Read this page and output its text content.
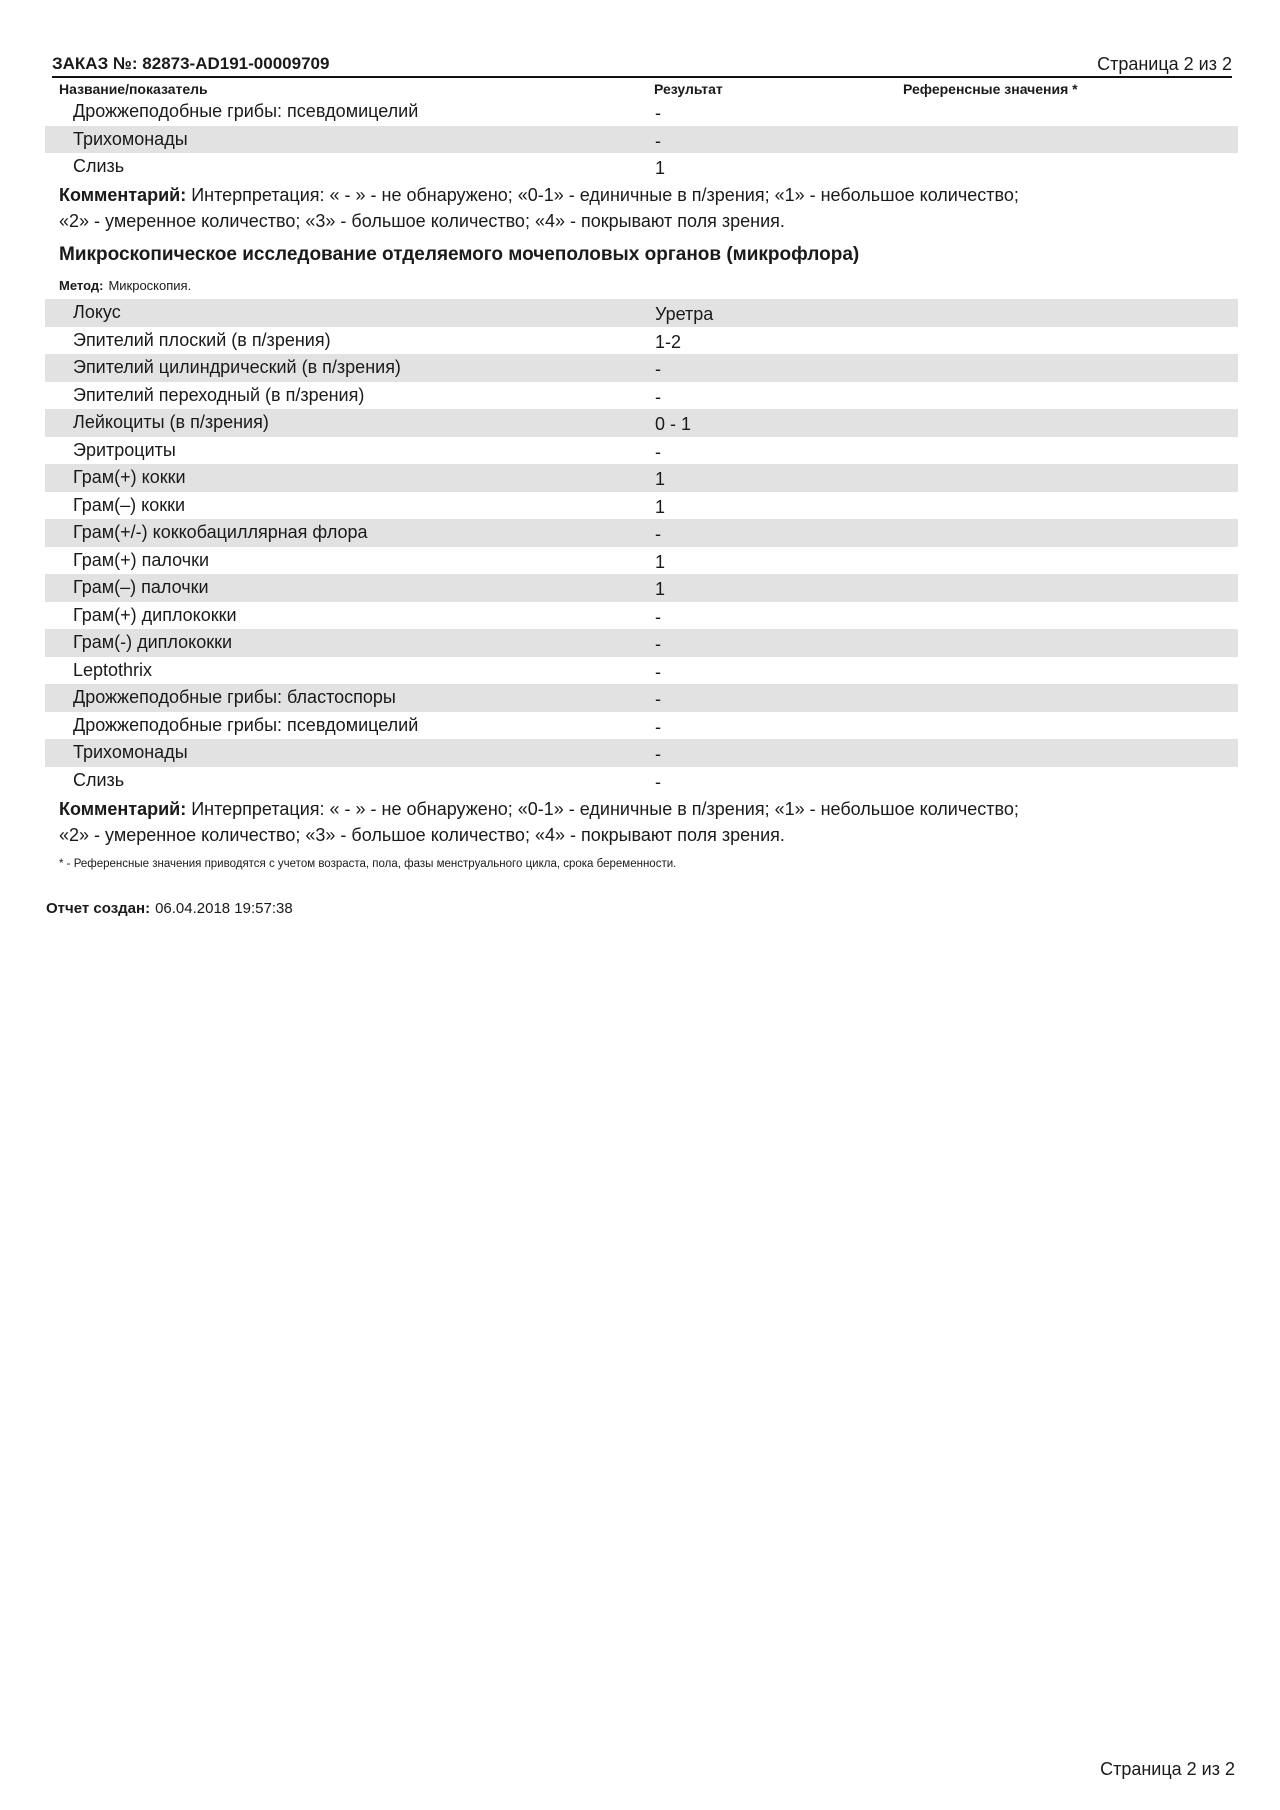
ЗАКАЗ №: 82873-AD191-00009709	Страница 2 из 2
Название/показатель	Результат	Референсные значения *
Дрожжеподобные грибы: псевдомицелий	-
Трихомонады	-
Слизь	1
Комментарий: Интерпретация: « - » - не обнаружено; «0-1» - единичные в п/зрения; «1» - небольшое количество;
«2» - умеренное количество; «3» - большое количество; «4» - покрывают поля зрения.
Микроскопическое исследование отделяемого мочеполовых органов (микрофлора)
Метод: Микроскопия.
Локус	Уретра
Эпителий плоский (в п/зрения)	1-2
Эпителий цилиндрический (в п/зрения)	-
Эпителий переходный (в п/зрения)	-
Лейкоциты (в п/зрения)	0 - 1
Эритроциты	-
Грам(+) кокки	1
Грам(–) кокки	1
Грам(+/-) коккобациллярная флора	-
Грам(+) палочки	1
Грам(–) палочки	1
Грам(+) диплококки	-
Грам(-) диплококки	-
Leptothrix	-
Дрожжеподобные грибы: бластоспоры	-
Дрожжеподобные грибы: псевдомицелий	-
Трихомонады	-
Слизь	-
Комментарий: Интерпретация: « - » - не обнаружено; «0-1» - единичные в п/зрения; «1» - небольшое количество;
«2» - умеренное количество; «3» - большое количество; «4» - покрывают поля зрения.
* - Референсные значения приводятся с учетом возраста, пола, фазы менструального цикла, срока беременности.
Отчет создан: 06.04.2018 19:57:38
Страница 2 из 2
